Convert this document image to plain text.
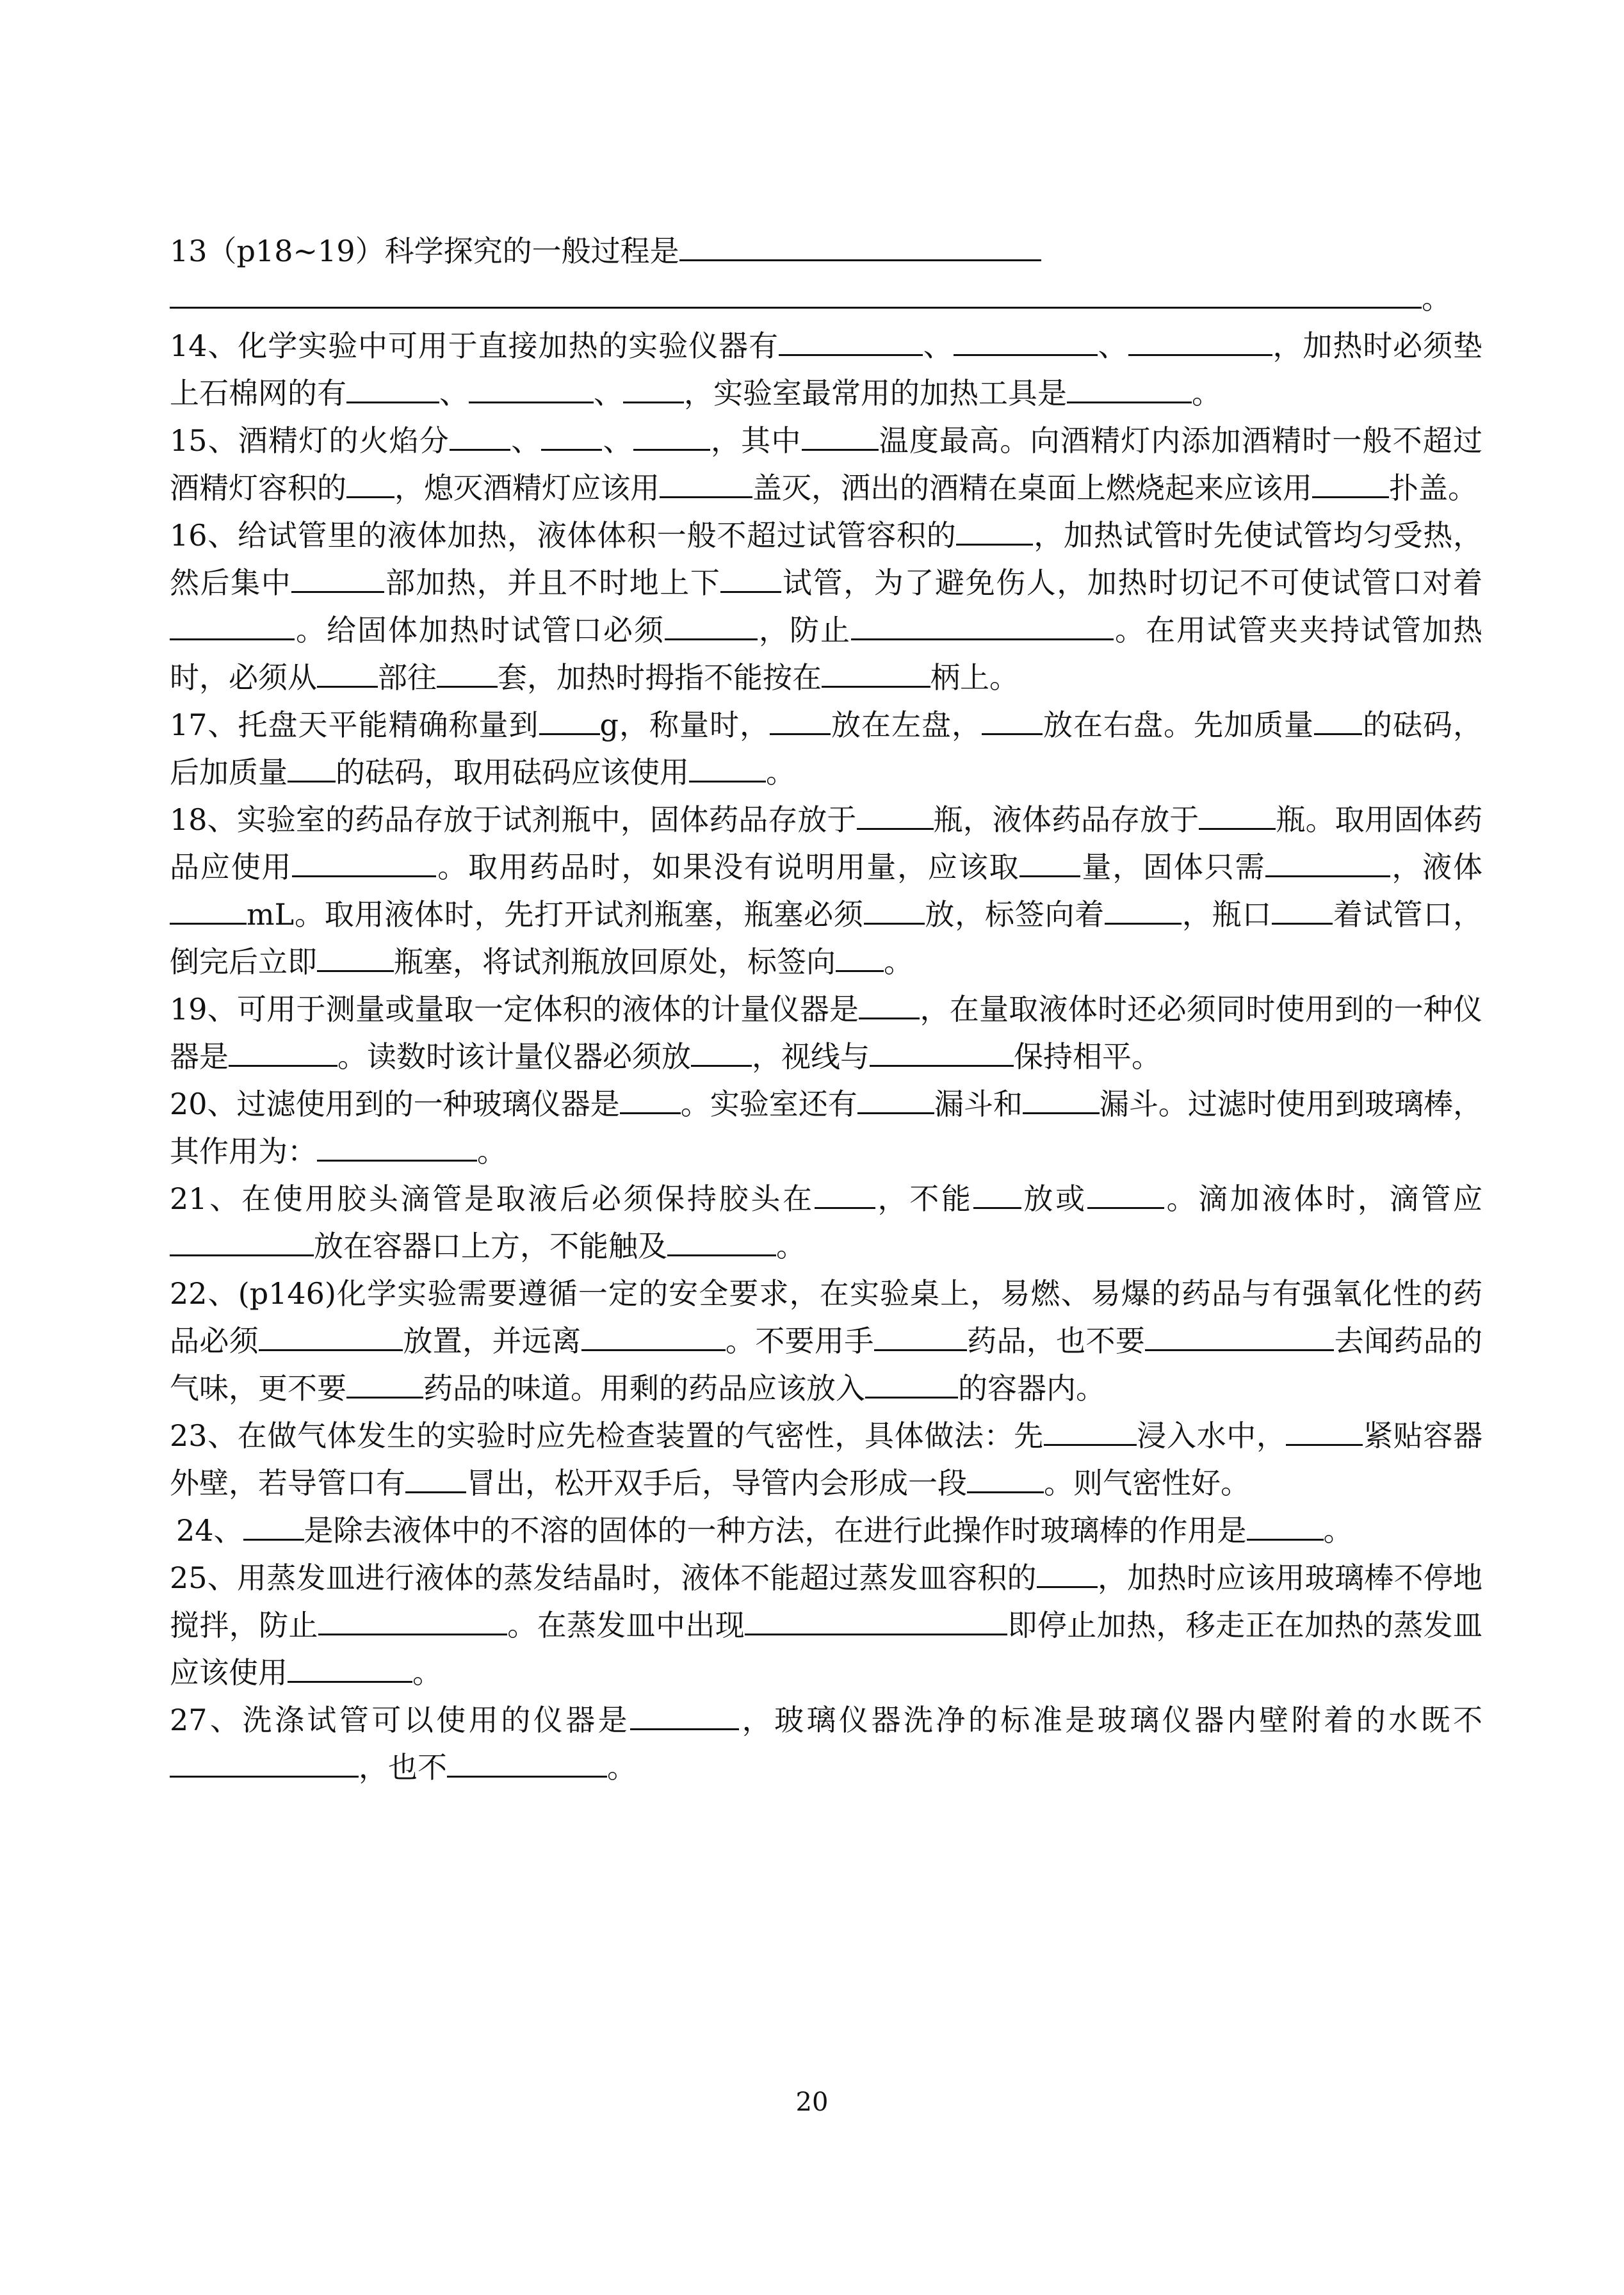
13（p18~19）科学探究的一般过程是
。

14、化学实验中可用于直接加热的实验仪器有	、	、	，加热时必须垫上石棉网的有	、	、 ，实验室最常用的加热工具是	。

15、酒精灯的火焰分 、 、	，其中	温度最高。向酒精灯内添加酒精时一般不超过酒精灯容积的 ，熄灭酒精灯应该用	盖灭，洒出的酒精在桌面上燃烧起来应该用	扑盖。

16、给试管里的液体加热，液体体积一般不超过试管容积的	，加热试管时先使试管均匀受热，然后集中	部加热，并且不时地上下 试管，为了避免伤人，加热时切记不可使试管口对着。给固体加热时试管口必须	，防止	。在用试管夹夹持试管加热时，必须从 部往 套，加热时拇指不能按在	柄上。

17、托盘天平能精确称量到 g，称量时， 放在左盘， 放在右盘。先加质量 的砝码，后加质量 的砝码，取用砝码应该使用	。

18、实验室的药品存放于试剂瓶中，固体药品存放于	瓶，液体药品存放于	瓶。取用固体药品应使用	。取用药品时，如果没有说明用量，应该取 量，固体只需	，液体mL。取用液体时，先打开试剂瓶塞，瓶塞必须 放，标签向着	，瓶口 着试管口，倒完后立即	瓶塞，将试剂瓶放回原处，标签向 。

19、可用于测量或量取一定体积的液体的计量仪器是 ，在量取液体时还必须同时使用到的一种仪器是	。读数时该计量仪器必须放 ，视线与	保持相平。

20、过滤使用到的一种玻璃仪器是 。实验室还有	漏斗和	漏斗。过滤时使用到玻璃棒，其作用为：	。

21、在使用胶头滴管是取液后必须保持胶头在 ，不能 放或	。滴加液体时，滴管应放在容器口上方，不能触及	。

22、(p146)化学实验需要遵循一定的安全要求，在实验桌上，易燃、易爆的药品与有强氧化性的药品必须	放置，并远离	。不要用手	药品，也不要	去闻药品的气味，更不要	药品的味道。用剩的药品应该放入	的容器内。

23、在做气体发生的实验时应先检查装置的气密性，具体做法：先	浸入水中，	紧贴容器外壁，若导管口有 冒出，松开双手后，导管内会形成一段	。则气密性好。

24、 是除去液体中的不溶的固体的一种方法，在进行此操作时玻璃棒的作用是	。

25、用蒸发皿进行液体的蒸发结晶时，液体不能超过蒸发皿容积的 ，加热时应该用玻璃棒不停地搅拌，防止	。在蒸发皿中出现	即停止加热，移走正在加热的蒸发皿应该使用	。

27、洗涤试管可以使用的仪器是	，玻璃仪器洗净的标准是玻璃仪器内壁附着的水既不，也不	。

20
